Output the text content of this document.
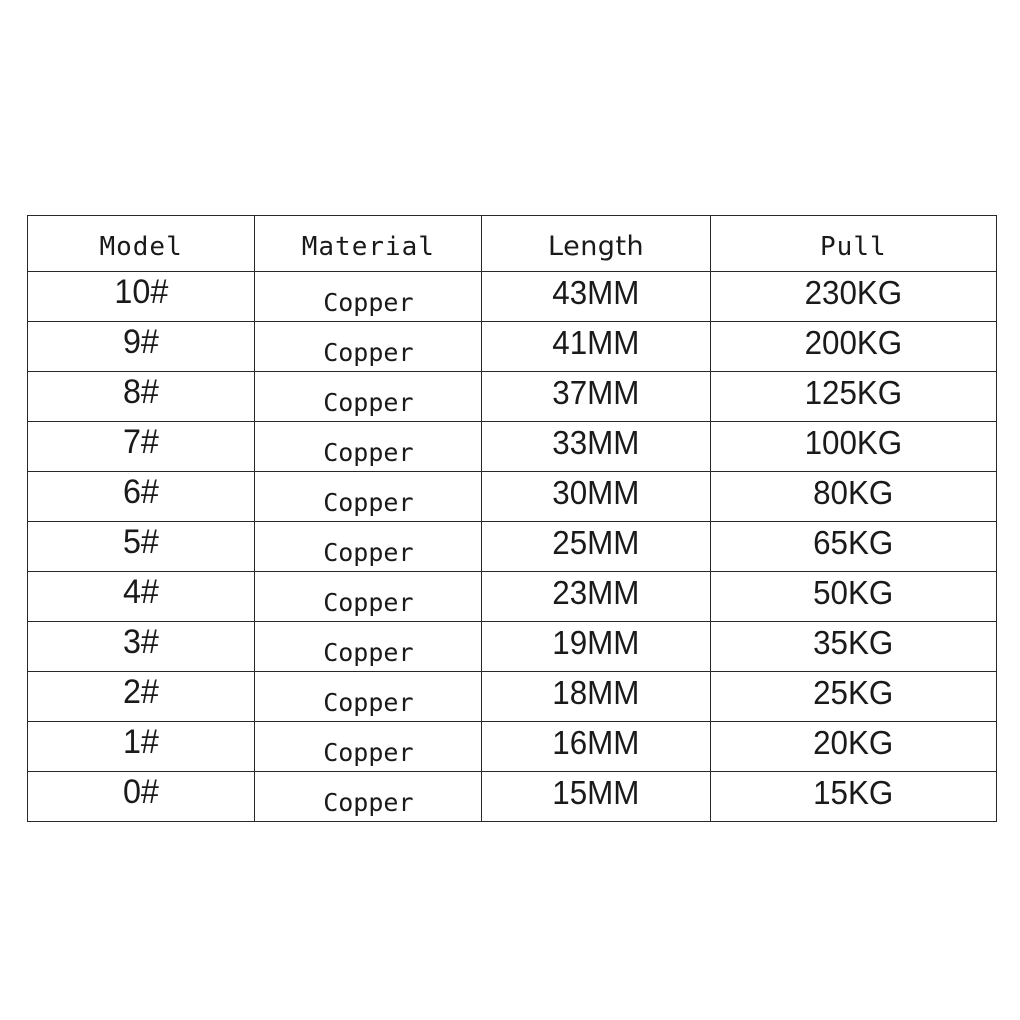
Model	Material	Length	Pull
10#	Copper	43MM	230KG
9#	Copper	41MM	200KG
8#	Copper	37MM	125KG
7#	Copper	33MM	100KG
6#	Copper	30MM	80KG
5#	Copper	25MM	65KG
4#	Copper	23MM	50KG
3#	Copper	19MM	35KG
2#	Copper	18MM	25KG
1#	Copper	16MM	20KG
0#	Copper	15MM	15KG
